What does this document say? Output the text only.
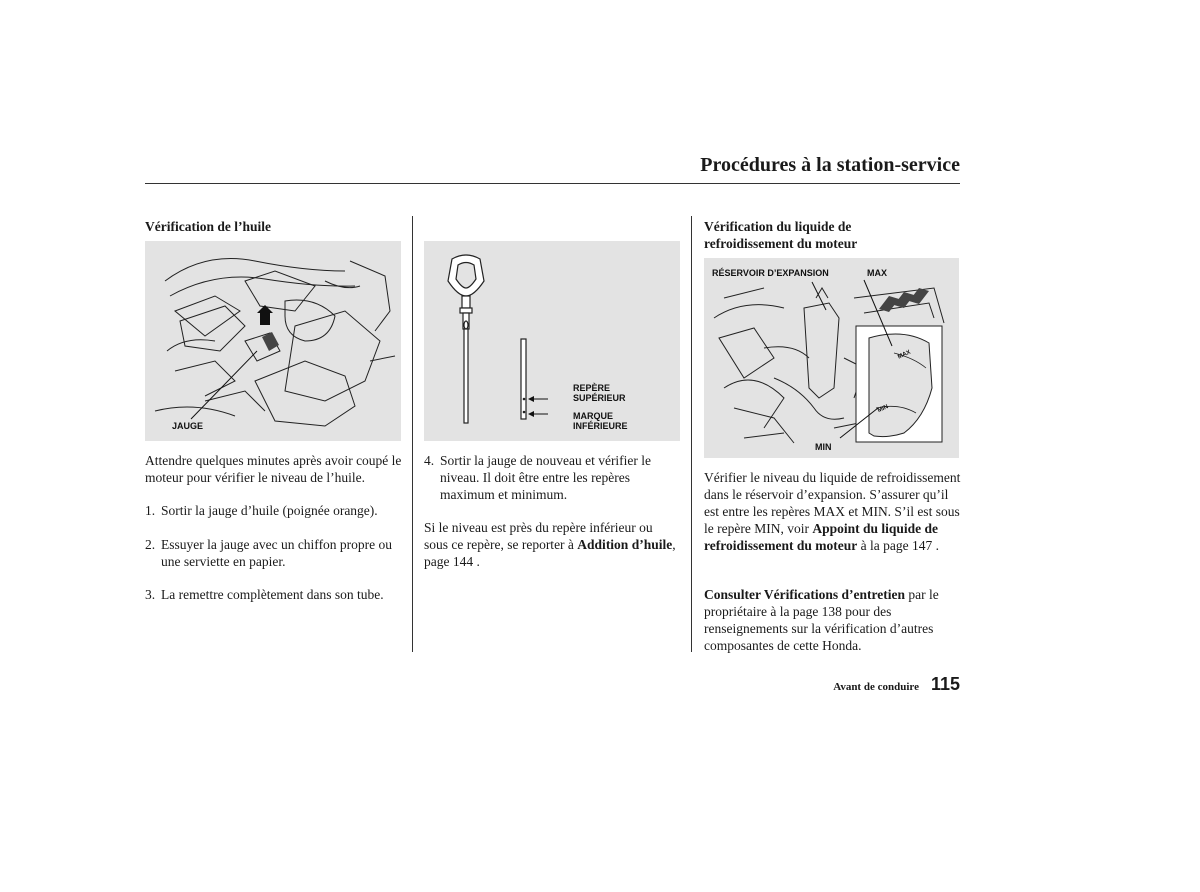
Procédures à la station-service
Vérification de l’huile
JAUGE
Attendre quelques minutes après avoir coupé le moteur pour vérifier le niveau de l’huile.
1. Sortir la jauge d’huile (poignée orange).
2. Essuyer la jauge avec un chiffon propre ou une serviette en papier.
3. La remettre complètement dans son tube.
REPÈRE
SUPÉRIEUR
MARQUE
INFÉRIEURE
4. Sortir la jauge de nouveau et vérifier le niveau. Il doit être entre les repères maximum et minimum.
Si le niveau est près du repère inférieur ou sous ce repère, se reporter à Addition d’huile, page 144 .
Vérification du liquide de
refroidissement du moteur
RÉSERVOIR D’EXPANSION	MAX
MIN
MAX
MIN
Vérifier le niveau du liquide de refroidissement dans le réservoir d’expansion. S’assurer qu’il est entre les repères MAX et MIN. S’il est sous le repère MIN, voir Appoint du liquide de refroidissement du moteur à la page 147 .
Consulter Vérifications d’entretien par le propriétaire à la page 138 pour des renseignements sur la vérification d’autres composantes de cette Honda.
Avant de conduire 115
